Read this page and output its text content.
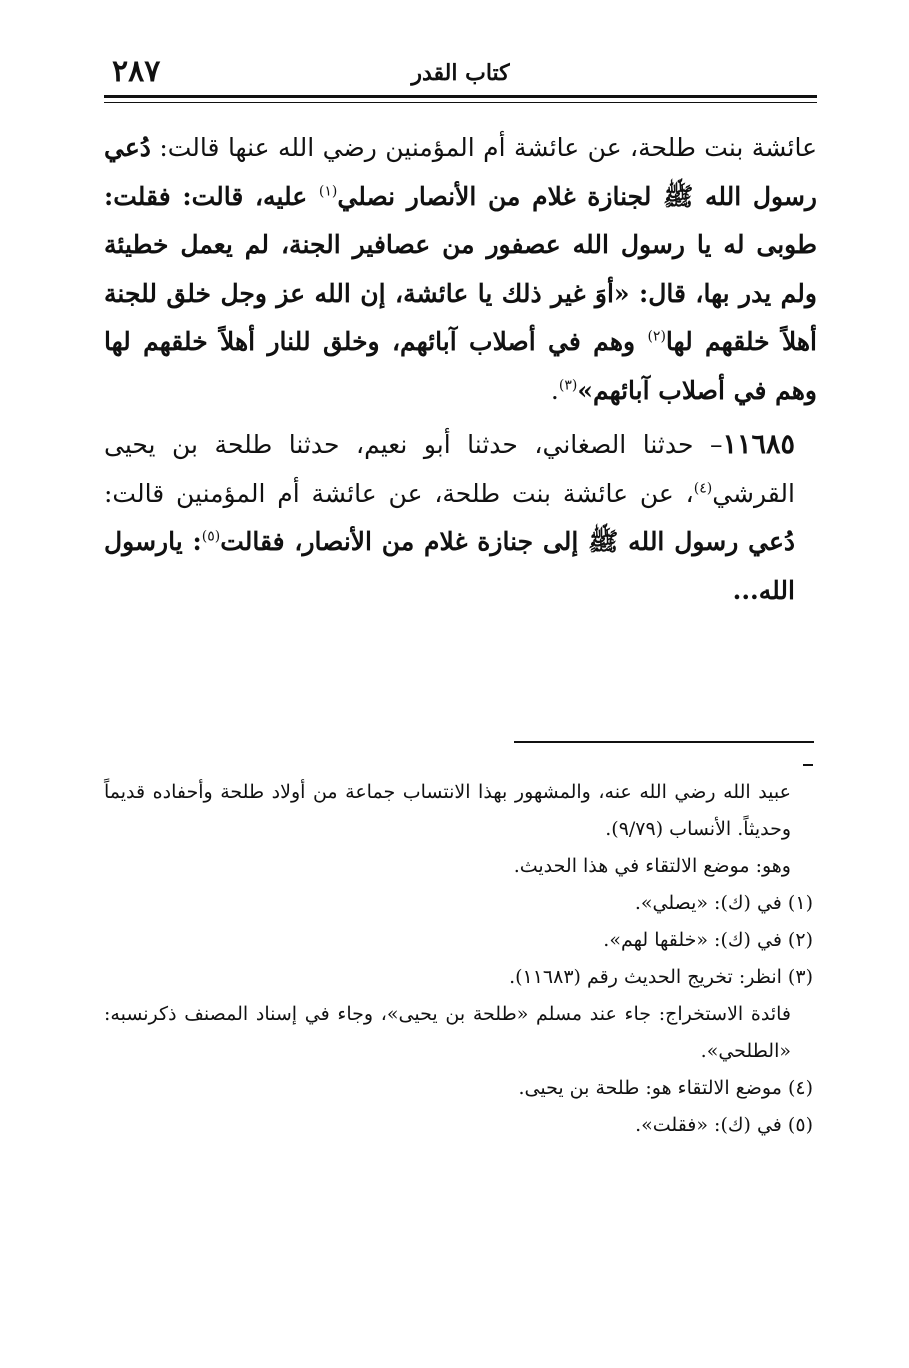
كتاب القدر
٢٨٧

عائشة بنت طلحة، عن عائشة أم المؤمنين رضي الله عنها قالت: دُعي رسول الله ﷺ لجنازة غلام من الأنصار نصلي$^{(١)}$ عليه، قالت: فقلت: طوبى له يا رسول الله عصفور من عصافير الجنة، لم يعمل خطيئة ولم يدر بها، قال: «أوَ غير ذلك يا عائشة، إن الله عز وجل خلق للجنة أهلاً خلقهم لها$^{(٢)}$ وهم في أصلاب آبائهم، وخلق للنار أهلاً خلقهم لها وهم في أصلاب آبائهم»$^{(٣)}$.

١١٦٨٥– حدثنا الصغاني، حدثنا أبو نعيم، حدثنا طلحة بن يحيى القرشي$^{(٤)}$، عن عائشة بنت طلحة، عن عائشة أم المؤمنين قالت: دُعي رسول الله ﷺ إلى جنازة غلام من الأنصار، فقالت$^{(٥)}$: يارسول الله...

عبيد الله رضي الله عنه، والمشهور بهذا الانتساب جماعة من أولاد طلحة وأحفاده قديماً وحديثاً. الأنساب (٩/٧٩).

وهو: موضع الالتقاء في هذا الحديث.

(١) في (ك): «يصلي».

(٢) في (ك): «خلقها لهم».

(٣) انظر: تخريج الحديث رقم (١١٦٨٣).

فائدة الاستخراج: جاء عند مسلم «طلحة بن يحيى»، وجاء في إسناد المصنف ذكرنسبه: «الطلحي».

(٤) موضع الالتقاء هو: طلحة بن يحيى.

(٥) في (ك): «فقلت».
